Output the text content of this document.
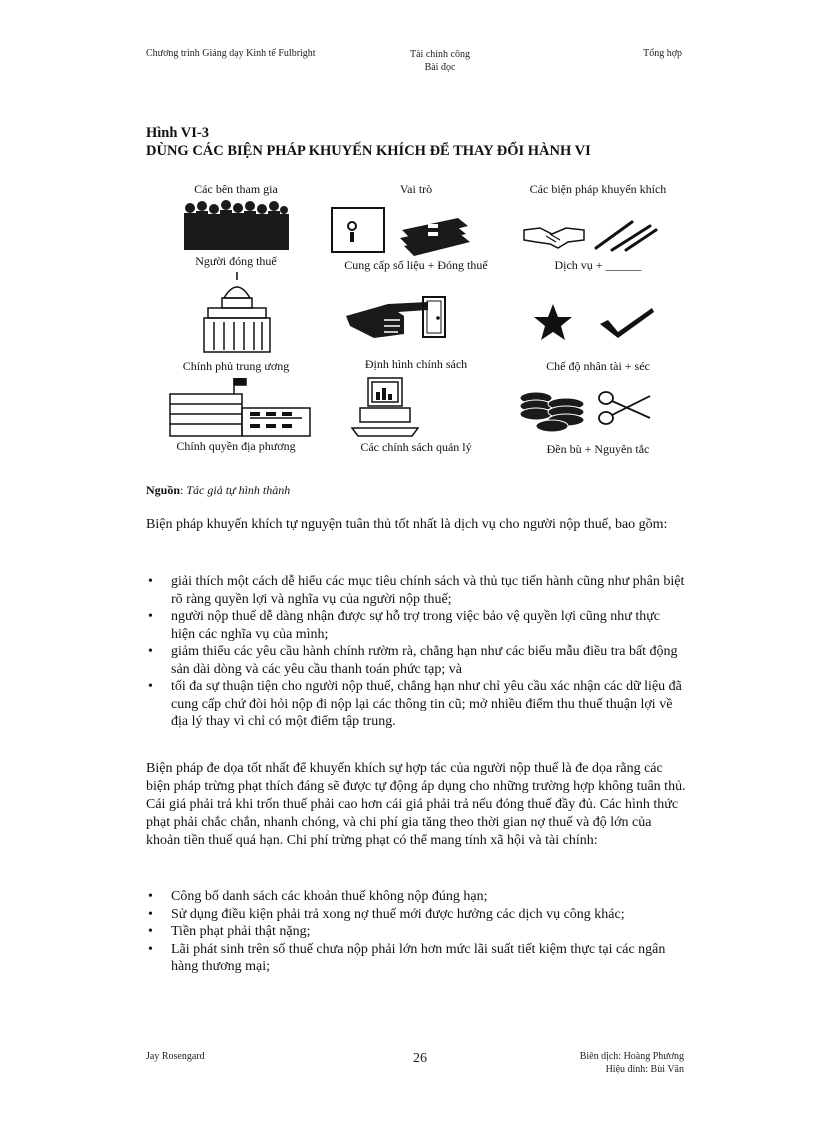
Chương trình Giảng dạy Kinh tế Fulbright	Tài chính công
Bài đọc
Tổng hợp
Hình VI-3
DÙNG CÁC BIỆN PHÁP KHUYẾN KHÍCH ĐỂ THAY ĐỔI HÀNH VI
Các bên tham gia	Vai trò	Các biện pháp khuyến khích
Người đóng thuế	Cung cấp số liệu + Đóng thuế	Dịch vụ + ______
Chính phủ trung ương	Định hình chính sách	Chế độ nhân tài + séc
Chính quyền địa phương	Các chính sách quản lý	Đền bù + Nguyên tắc
Nguồn: Tác giả tự hình thành

Biện pháp khuyến khích tự nguyện tuân thủ tốt nhất là dịch vụ cho người nộp thuế, bao gồm:

• giải thích một cách dễ hiểu các mục tiêu chính sách và thủ tục tiến hành cũng như phân biệt rõ ràng quyền lợi và nghĩa vụ của người nộp thuế;
• người nộp thuế dễ dàng nhận được sự hỗ trợ trong việc bảo vệ quyền lợi cũng như thực hiện các nghĩa vụ của mình;
• giảm thiểu các yêu cầu hành chính rườm rà, chẳng hạn như các biểu mẫu điều tra bất động sản dài dòng và các yêu cầu thanh toán phức tạp; và
• tối đa sự thuận tiện cho người nộp thuế, chẳng hạn như chỉ yêu cầu xác nhận các dữ liệu đã cung cấp chứ đòi hỏi nộp đi nộp lại các thông tin cũ; mở nhiều điểm thu thuế thuận lợi về địa lý thay vì chỉ có một điểm tập trung.

Biện pháp đe dọa tốt nhất để khuyến khích sự hợp tác của người nộp thuế là đe dọa rằng các biện pháp trừng phạt thích đáng sẽ được tự động áp dụng cho những trường hợp không tuân thủ. Cái giá phải trả khi trốn thuế phải cao hơn cái giá phải trả nếu đóng thuế đầy đủ. Các hình thức phạt phải chắc chắn, nhanh chóng, và chi phí gia tăng theo thời gian nợ thuế và độ lớn của khoản tiền thuế quá hạn. Chi phí trừng phạt có thể mang tính xã hội và tài chính:

• Công bố danh sách các khoản thuế không nộp đúng hạn;
• Sử dụng điều kiện phải trả xong nợ thuế mới được hưởng các dịch vụ công khác;
• Tiền phạt phải thật nặng;
• Lãi phát sinh trên số thuế chưa nộp phải lớn hơn mức lãi suất tiết kiệm thực tại các ngân hàng thương mại;
Jay Rosengard	26	Biên dịch: Hoàng Phương
Hiệu đính: Bùi Văn
